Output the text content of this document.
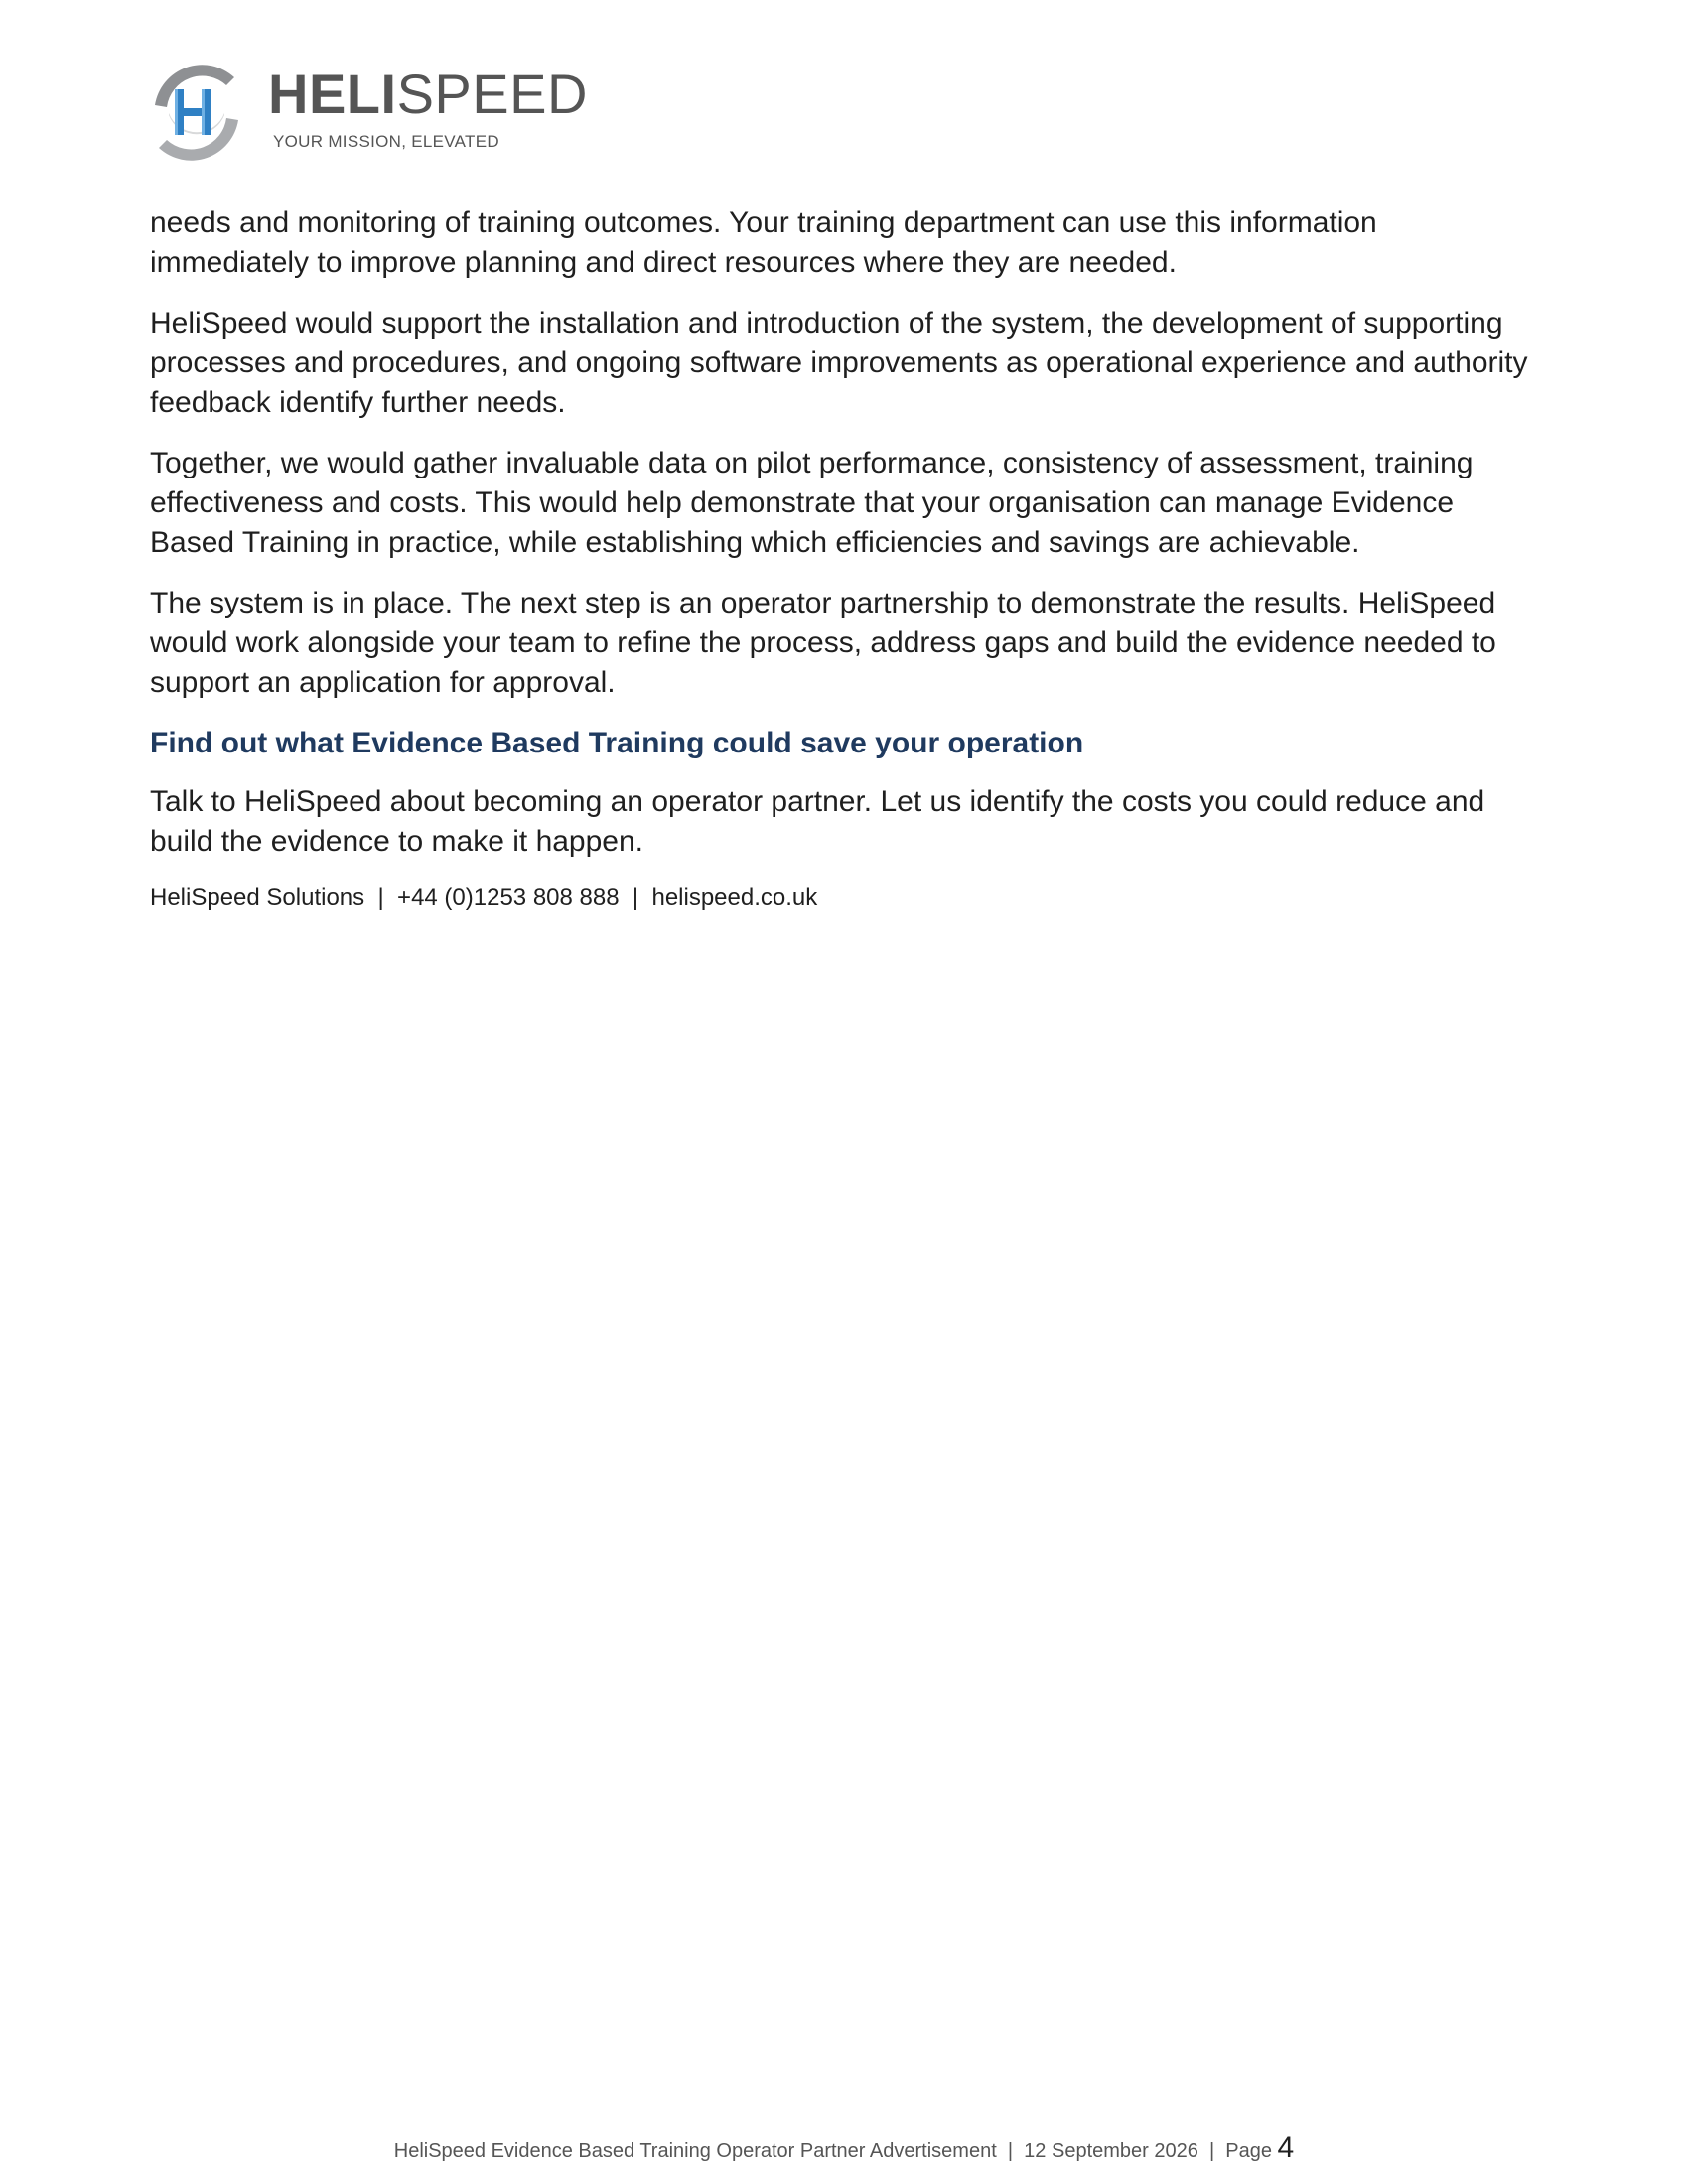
HELISPEED
YOUR MISSION, ELEVATED

needs and monitoring of training outcomes. Your training department can use this information immediately to improve planning and direct resources where they are needed.

HeliSpeed would support the installation and introduction of the system, the development of supporting processes and procedures, and ongoing software improvements as operational experience and authority feedback identify further needs.

Together, we would gather invaluable data on pilot performance, consistency of assessment, training effectiveness and costs. This would help demonstrate that your organisation can manage Evidence Based Training in practice, while establishing which efficiencies and savings are achievable.

The system is in place. The next step is an operator partnership to demonstrate the results. HeliSpeed would work alongside your team to refine the process, address gaps and build the evidence needed to support an application for approval.

Find out what Evidence Based Training could save your operation

Talk to HeliSpeed about becoming an operator partner. Let us identify the costs you could reduce and build the evidence to make it happen.

HeliSpeed Solutions  |  +44 (0)1253 808 888  |  helispeed.co.uk
HeliSpeed Evidence Based Training Operator Partner Advertisement  |  12 September 2026  |  Page 4
